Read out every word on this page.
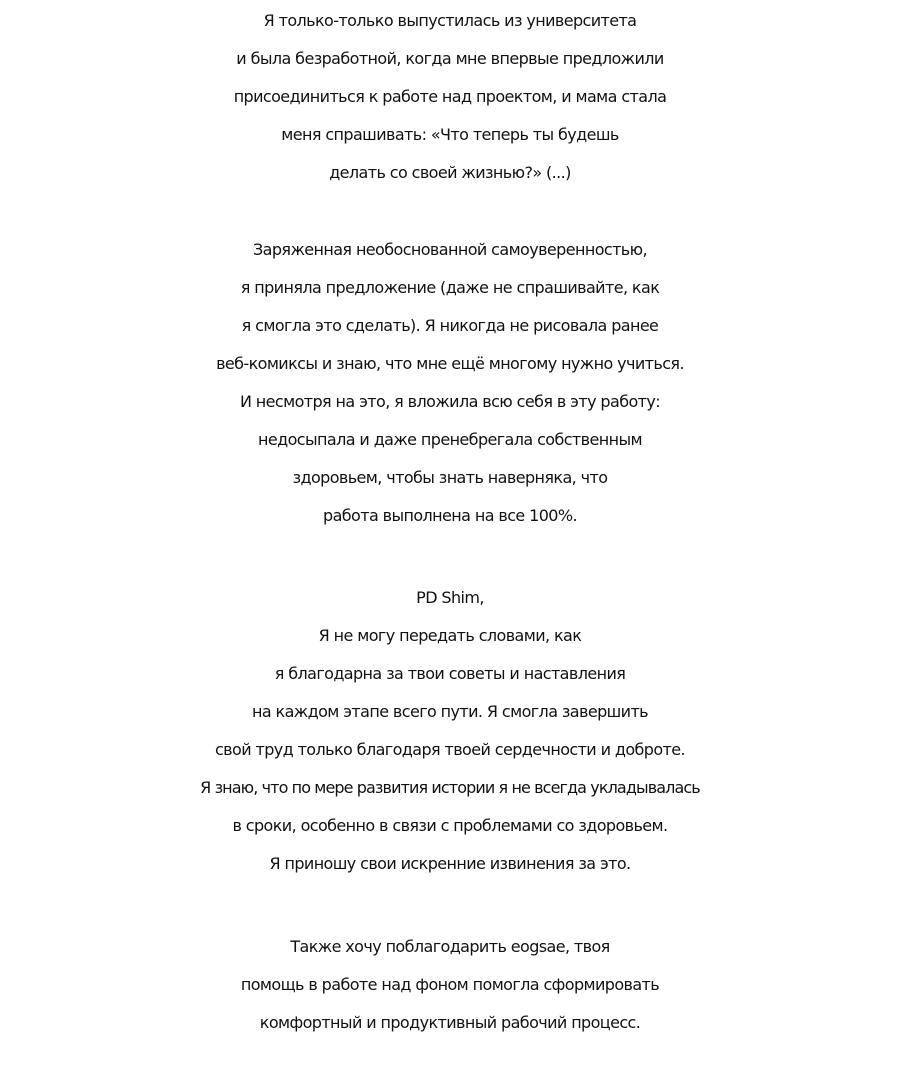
Я только-только выпустилась из университета
и была безработной, когда мне впервые предложили
присоединиться к работе над проектом, и мама стала
меня спрашивать: «Что теперь ты будешь
делать со своей жизнью?» (...)
Заряженная необоснованной самоуверенностью,
я приняла предложение (даже не спрашивайте, как
я смогла это сделать). Я никогда не рисовала ранее
веб-комиксы и знаю, что мне ещё многому нужно учиться.
И несмотря на это, я вложила всю себя в эту работу:
недосыпала и даже пренебрегала собственным
здоровьем, чтобы знать наверняка, что
работа выполнена на все 100%.
PD Shim,
Я не могу передать словами, как
я благодарна за твои советы и наставления
на каждом этапе всего пути. Я смогла завершить
свой труд только благодаря твоей сердечности и доброте.
Я знаю, что по мере развития истории я не всегда укладывалась
в сроки, особенно в связи с проблемами со здоровьем.
Я приношу свои искренние извинения за это.
Также хочу поблагодарить eogsae, твоя
помощь в работе над фоном помогла сформировать
комфортный и продуктивный рабочий процесс.
